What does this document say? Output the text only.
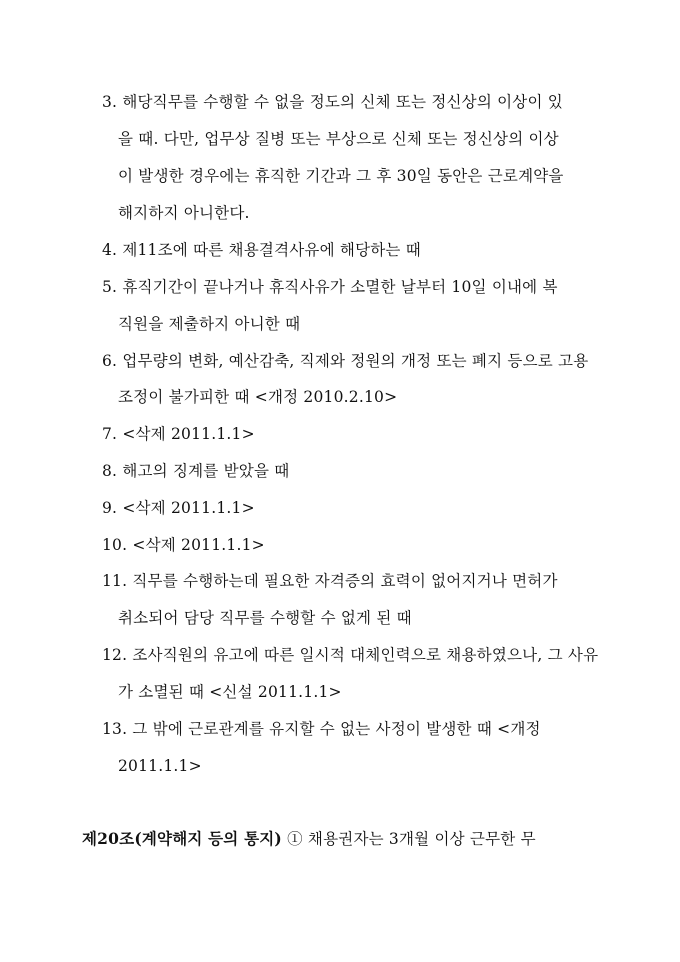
3. 해당직무를 수행할 수 없을 정도의 신체 또는 정신상의 이상이 있
을 때. 다만, 업무상 질병 또는 부상으로 신체 또는 정신상의 이상
이 발생한 경우에는 휴직한 기간과 그 후 30일 동안은 근로계약을
해지하지 아니한다.
4. 제11조에 따른 채용결격사유에 해당하는 때
5. 휴직기간이 끝나거나 휴직사유가 소멸한 날부터 10일 이내에 복
직원을 제출하지 아니한 때
6. 업무량의 변화, 예산감축, 직제와 정원의 개정 또는 폐지 등으로 고용
조정이 불가피한 때 <개정 2010.2.10>
7. <삭제 2011.1.1>
8. 해고의 징계를 받았을 때
9. <삭제 2011.1.1>
10. <삭제 2011.1.1>
11. 직무를 수행하는데 필요한 자격증의 효력이 없어지거나 면허가
취소되어 담당 직무를 수행할 수 없게 된 때
12. 조사직원의 유고에 따른 일시적 대체인력으로 채용하였으나, 그 사유
가 소멸된 때 <신설 2011.1.1>
13. 그 밖에 근로관계를 유지할 수 없는 사정이 발생한 때 <개정
2011.1.1>
제20조(계약해지 등의 통지) ① 채용권자는 3개월 이상 근무한 무
